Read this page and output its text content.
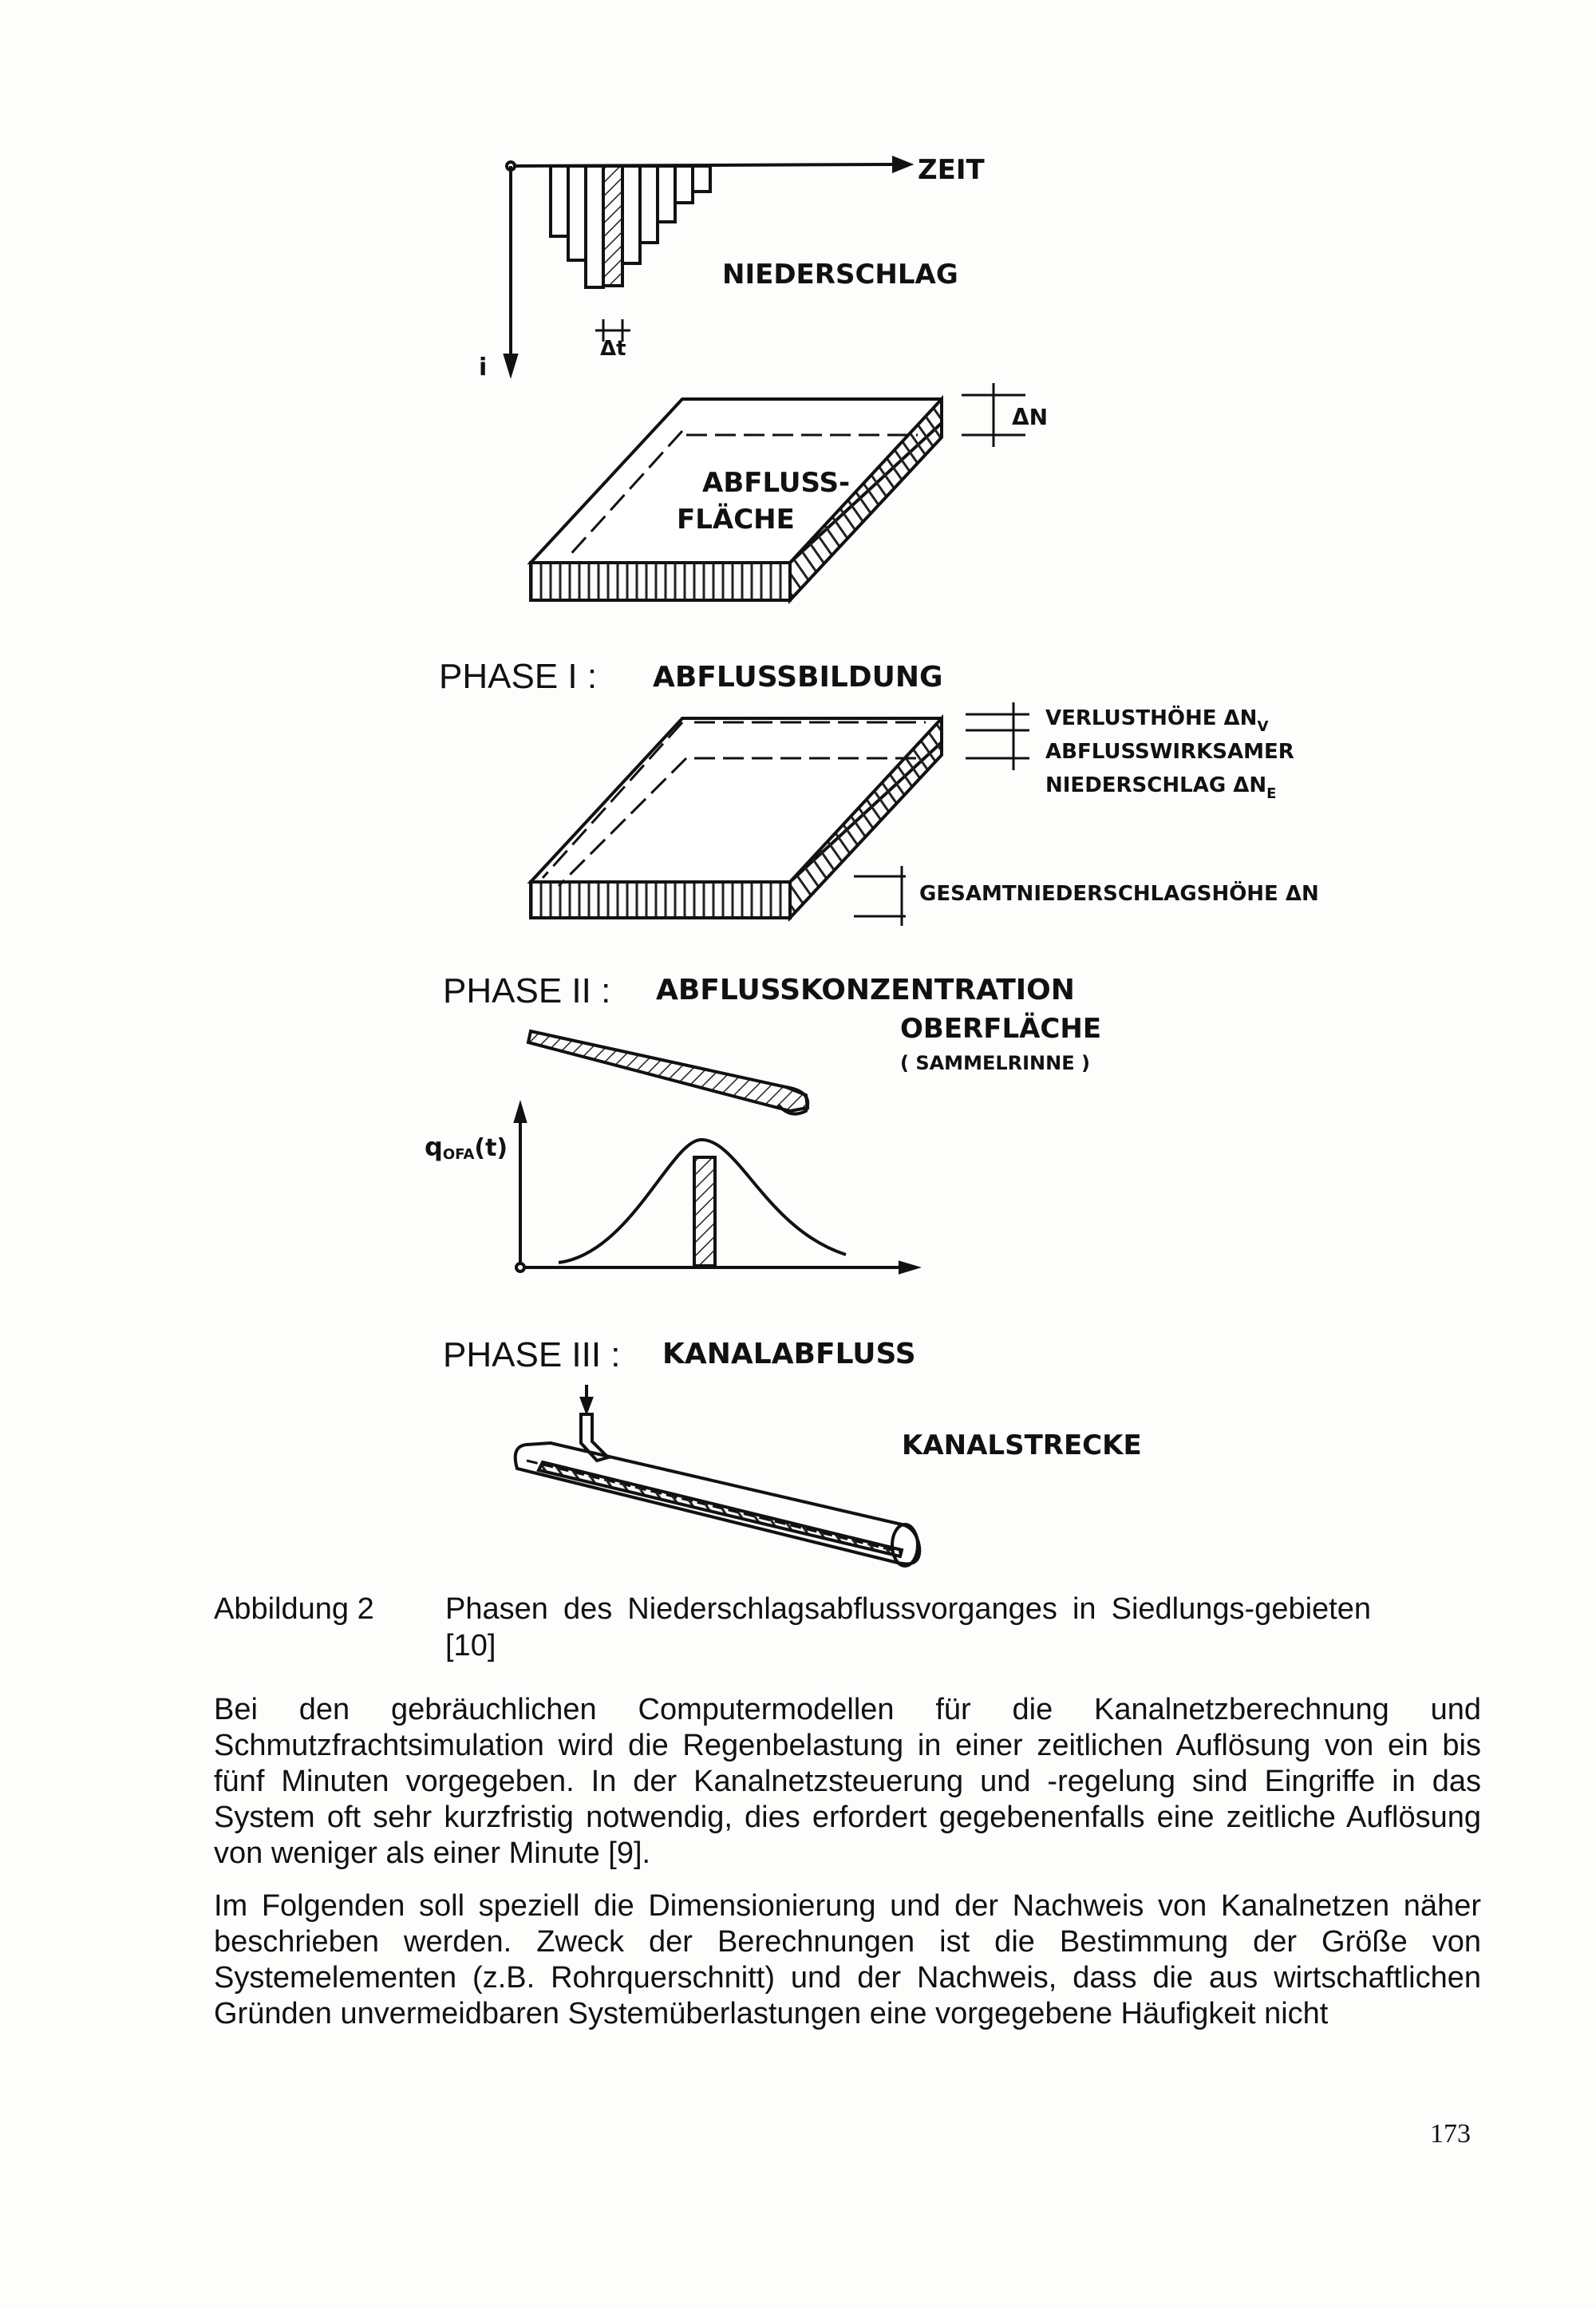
ZEIT
NIEDERSCHLAG
Δt
i
ΔN
ABFLUSS-
FLÄCHE
PHASE I : ABFLUSSBILDUNG
VERLUSTHÖHE $\Delta N_V$
ABFLUSSWIRKSAMER
NIEDERSCHLAG $\Delta N_E$
GESAMTNIEDERSCHLAGSHÖHE ΔN
PHASE II : ABFLUSSKONZENTRATION
OBERFLÄCHE
( SAMMELRINNE )
qOFA(t)
PHASE III : KANALABFLUSS
KANALSTRECKE
Abbildung 2 Phasen des Niederschlagsabflussvorganges in Siedlungs-gebieten [10]

Bei den gebräuchlichen Computermodellen für die Kanalnetzberechnung und Schmutzfrachtsimulation wird die Regenbelastung in einer zeitlichen Auflösung von ein bis fünf Minuten vorgegeben. In der Kanalnetzsteuerung und -regelung sind Eingriffe in das System oft sehr kurzfristig notwendig, dies erfordert gegebenenfalls eine zeitliche Auflösung von weniger als einer Minute [9].

Im Folgenden soll speziell die Dimensionierung und der Nachweis von Kanalnetzen näher beschrieben werden. Zweck der Berechnungen ist die Bestimmung der Größe von Systemelementen (z.B. Rohrquerschnitt) und der Nachweis, dass die aus wirtschaftlichen Gründen unvermeidbaren Systemüberlastungen eine vorgegebene Häufigkeit nicht

173
